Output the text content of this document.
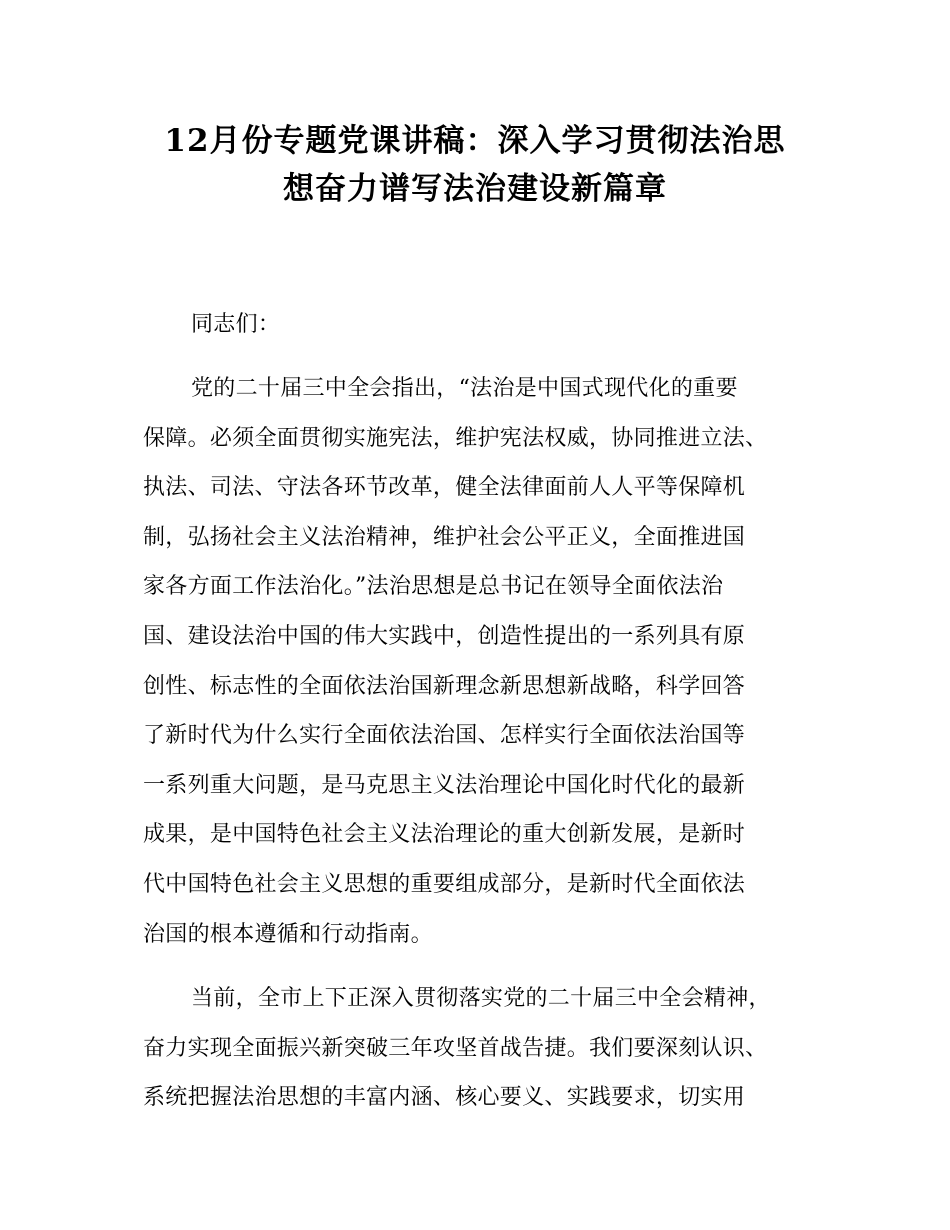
12月份专题党课讲稿：深入学习贯彻法治思
想奋力谱写法治建设新篇章
同志们：
党的二十届三中全会指出，“法治是中国式现代化的重要
保障。必须全面贯彻实施宪法，维护宪法权威，协同推进立法、
执法、司法、守法各环节改革，健全法律面前人人平等保障机
制，弘扬社会主义法治精神，维护社会公平正义，全面推进国
家各方面工作法治化。”法治思想是总书记在领导全面依法治
国、建设法治中国的伟大实践中，创造性提出的一系列具有原
创性、标志性的全面依法治国新理念新思想新战略，科学回答
了新时代为什么实行全面依法治国、怎样实行全面依法治国等
一系列重大问题，是马克思主义法治理论中国化时代化的最新
成果，是中国特色社会主义法治理论的重大创新发展，是新时
代中国特色社会主义思想的重要组成部分，是新时代全面依法
治国的根本遵循和行动指南。
当前，全市上下正深入贯彻落实党的二十届三中全会精神，
奋力实现全面振兴新突破三年攻坚首战告捷。我们要深刻认识、
系统把握法治思想的丰富内涵、核心要义、实践要求，切实用
